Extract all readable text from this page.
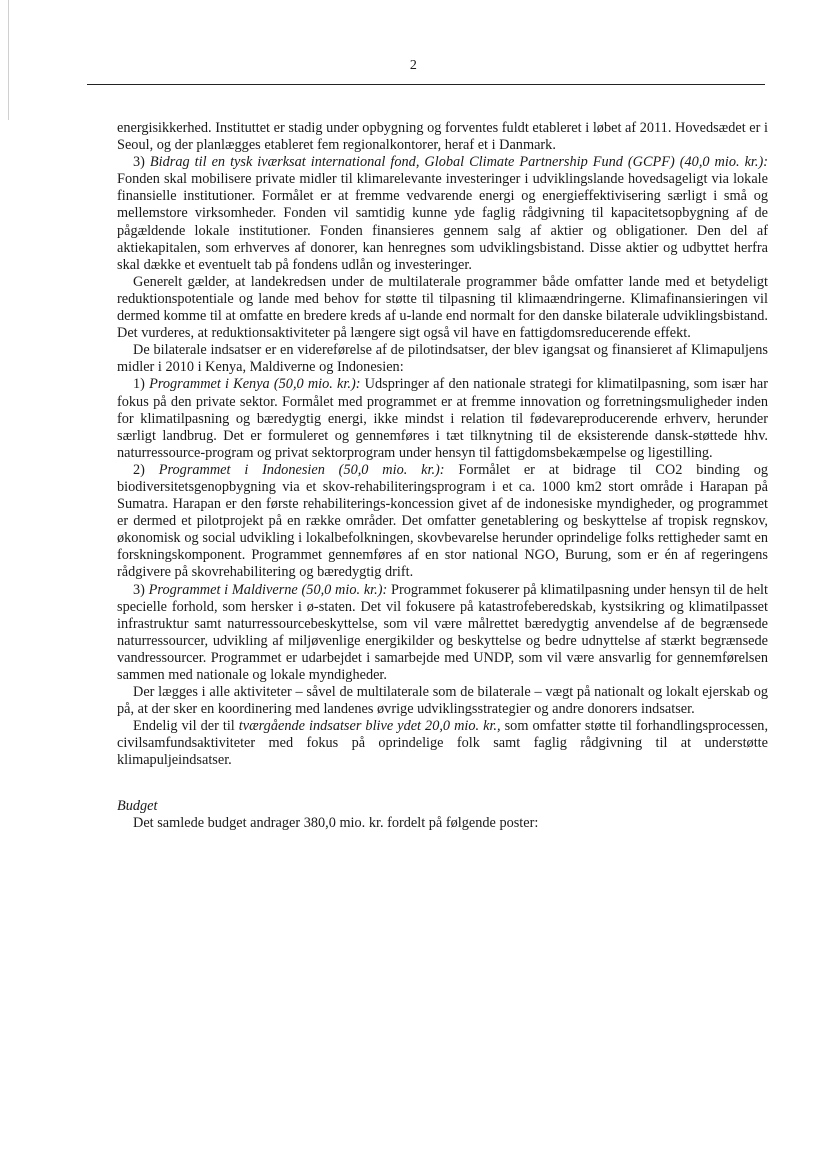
2

energisikkerhed. Instituttet er stadig under opbygning og forventes fuldt etableret i løbet af 2011. Hovedsædet er i Seoul, og der planlægges etableret fem regionalkontorer, heraf et i Danmark.

3) Bidrag til en tysk iværksat international fond, Global Climate Partnership Fund (GCPF) (40,0 mio. kr.): Fonden skal mobilisere private midler til klimarelevante investeringer i udviklingslande hovedsageligt via lokale finansielle institutioner. Formålet er at fremme vedvarende energi og energieffektivisering særligt i små og mellemstore virksomheder. Fonden vil samtidig kunne yde faglig rådgivning til kapacitetsopbygning af de pågældende lokale institutioner. Fonden finansieres gennem salg af aktier og obligationer. Den del af aktiekapitalen, som erhverves af donorer, kan henregnes som udviklingsbistand. Disse aktier og udbyttet herfra skal dække et eventuelt tab på fondens udlån og investeringer.

Generelt gælder, at landekredsen under de multilaterale programmer både omfatter lande med et betydeligt reduktionspotentiale og lande med behov for støtte til tilpasning til klimaændringerne. Klimafinansieringen vil dermed komme til at omfatte en bredere kreds af u-lande end normalt for den danske bilaterale udviklingsbistand. Det vurderes, at reduktionsaktiviteter på længere sigt også vil have en fattigdomsreducerende effekt.

De bilaterale indsatser er en videreførelse af de pilotindsatser, der blev igangsat og finansieret af Klimapuljens midler i 2010 i Kenya, Maldiverne og Indonesien:

1) Programmet i Kenya (50,0 mio. kr.): Udspringer af den nationale strategi for klimatilpasning, som især har fokus på den private sektor. Formålet med programmet er at fremme innovation og forretningsmuligheder inden for klimatilpasning og bæredygtig energi, ikke mindst i relation til fødevareproducerende erhverv, herunder særligt landbrug. Det er formuleret og gennemføres i tæt tilknytning til de eksisterende dansk-støttede hhv. naturressource-program og privat sektorprogram under hensyn til fattigdomsbekæmpelse og ligestilling.

2) Programmet i Indonesien (50,0 mio. kr.): Formålet er at bidrage til CO2 binding og biodiversitetsgenopbygning via et skov-rehabiliteringsprogram i et ca. 1000 km2 stort område i Harapan på Sumatra. Harapan er den første rehabiliterings-koncession givet af de indonesiske myndigheder, og programmet er dermed et pilotprojekt på en række områder. Det omfatter genetablering og beskyttelse af tropisk regnskov, økonomisk og social udvikling i lokalbefolkningen, skovbevarelse herunder oprindelige folks rettigheder samt en forskningskomponent. Programmet gennemføres af en stor national NGO, Burung, som er én af regeringens rådgivere på skovrehabilitering og bæredygtig drift.

3) Programmet i Maldiverne (50,0 mio. kr.): Programmet fokuserer på klimatilpasning under hensyn til de helt specielle forhold, som hersker i ø-staten. Det vil fokusere på katastrofeberedskab, kystsikring og klimatilpasset infrastruktur samt naturressourcebeskyttelse, som vil være målrettet bæredygtig anvendelse af de begrænsede naturressourcer, udvikling af miljøvenlige energikilder og beskyttelse og bedre udnyttelse af stærkt begrænsede vandressourcer. Programmet er udarbejdet i samarbejde med UNDP, som vil være ansvarlig for gennemførelsen sammen med nationale og lokale myndigheder.

Der lægges i alle aktiviteter – såvel de multilaterale som de bilaterale – vægt på nationalt og lokalt ejerskab og på, at der sker en koordinering med landenes øvrige udviklingsstrategier og andre donorers indsatser.

Endelig vil der til tværgående indsatser blive ydet 20,0 mio. kr., som omfatter støtte til forhandlingsprocessen, civilsamfundsaktiviteter med fokus på oprindelige folk samt faglig rådgivning til at understøtte klimapuljeindsatser.

Budget

Det samlede budget andrager 380,0 mio. kr. fordelt på følgende poster:
